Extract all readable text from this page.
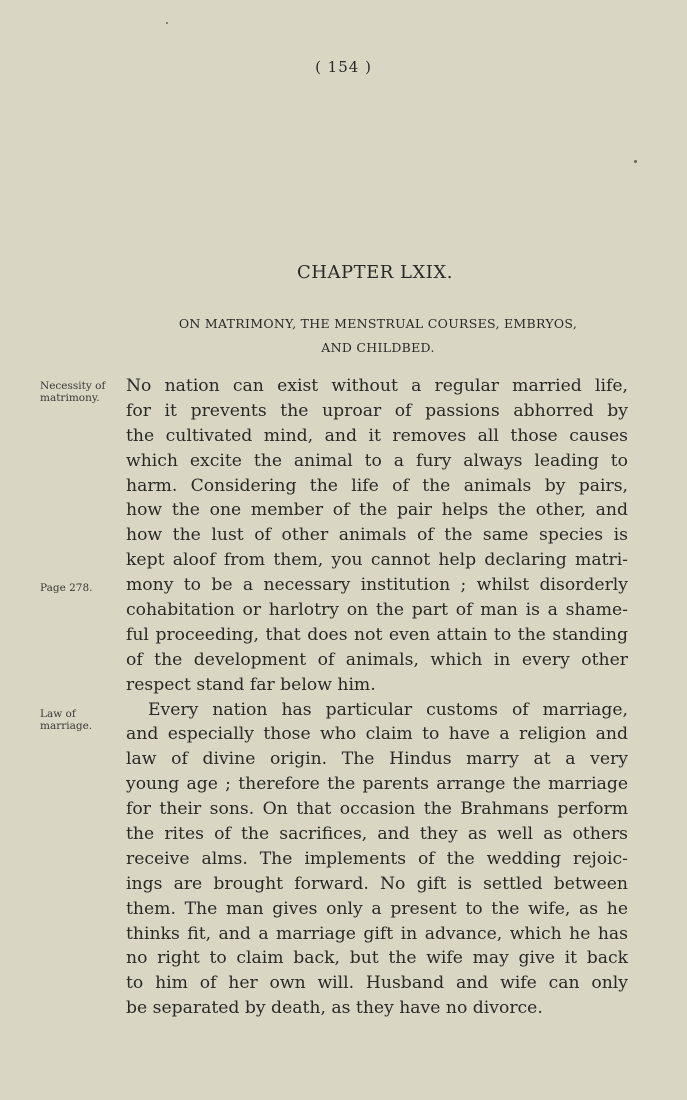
( 154 )
CHAPTER LXIX.
ON MATRIMONY, THE MENSTRUAL COURSES, EMBRYOS,
AND CHILDBED.
Necessity of
matrimony.
Page 278.
Law of
marriage.
No nation can exist without a regular married life,
for it prevents the uproar of passions abhorred by
the cultivated mind, and it removes all those causes
which excite the animal to a fury always leading to
harm. Considering the life of the animals by pairs,
how the one member of the pair helps the other, and
how the lust of other animals of the same species is
kept aloof from them, you cannot help declaring matri-
mony to be a necessary institution ; whilst disorderly
cohabitation or harlotry on the part of man is a shame-
ful proceeding, that does not even attain to the standing
of the development of animals, which in every other
respect stand far below him.
Every nation has particular customs of marriage,
and especially those who claim to have a religion and
law of divine origin. The Hindus marry at a very
young age ; therefore the parents arrange the marriage
for their sons. On that occasion the Brahmans perform
the rites of the sacrifices, and they as well as others
receive alms. The implements of the wedding rejoic-
ings are brought forward. No gift is settled between
them. The man gives only a present to the wife, as he
thinks fit, and a marriage gift in advance, which he has
no right to claim back, but the wife may give it back
to him of her own will. Husband and wife can only
be separated by death, as they have no divorce.
